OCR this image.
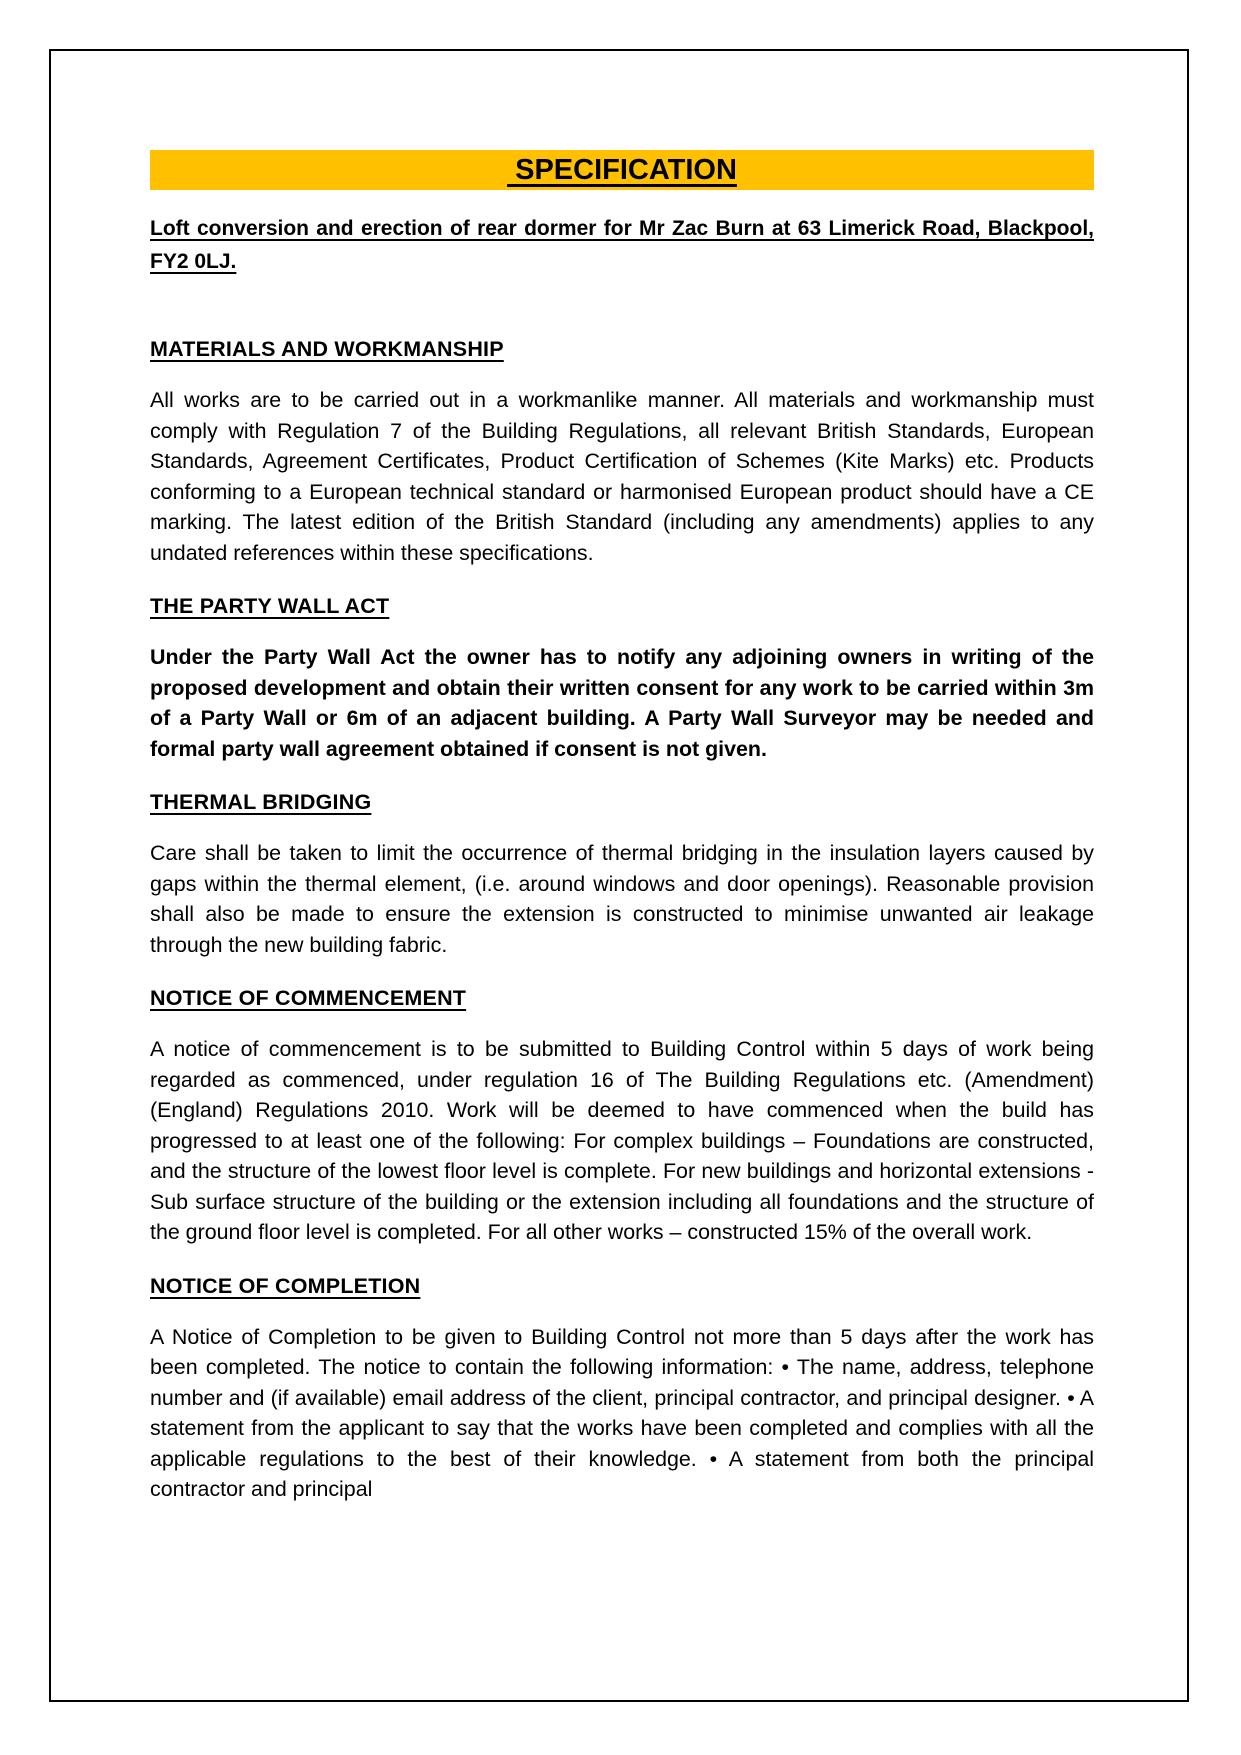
SPECIFICATION

Loft conversion and erection of rear dormer for Mr Zac Burn at 63 Limerick Road, Blackpool, FY2 0LJ.

MATERIALS AND WORKMANSHIP

All works are to be carried out in a workmanlike manner. All materials and workmanship must comply with Regulation 7 of the Building Regulations, all relevant British Standards, European Standards, Agreement Certificates, Product Certification of Schemes (Kite Marks) etc. Products conforming to a European technical standard or harmonised European product should have a CE marking. The latest edition of the British Standard (including any amendments) applies to any undated references within these specifications.

THE PARTY WALL ACT

Under the Party Wall Act the owner has to notify any adjoining owners in writing of the proposed development and obtain their written consent for any work to be carried within 3m of a Party Wall or 6m of an adjacent building. A Party Wall Surveyor may be needed and formal party wall agreement obtained if consent is not given.

THERMAL BRIDGING

Care shall be taken to limit the occurrence of thermal bridging in the insulation layers caused by gaps within the thermal element, (i.e. around windows and door openings). Reasonable provision shall also be made to ensure the extension is constructed to minimise unwanted air leakage through the new building fabric.

NOTICE OF COMMENCEMENT

A notice of commencement is to be submitted to Building Control within 5 days of work being regarded as commenced, under regulation 16 of The Building Regulations etc. (Amendment) (England) Regulations 2010. Work will be deemed to have commenced when the build has progressed to at least one of the following: For complex buildings – Foundations are constructed, and the structure of the lowest floor level is complete. For new buildings and horizontal extensions - Sub surface structure of the building or the extension including all foundations and the structure of the ground floor level is completed. For all other works – constructed 15% of the overall work.

NOTICE OF COMPLETION

A Notice of Completion to be given to Building Control not more than 5 days after the work has been completed. The notice to contain the following information: • The name, address, telephone number and (if available) email address of the client, principal contractor, and principal designer. • A statement from the applicant to say that the works have been completed and complies with all the applicable regulations to the best of their knowledge. • A statement from both the principal contractor and principal
